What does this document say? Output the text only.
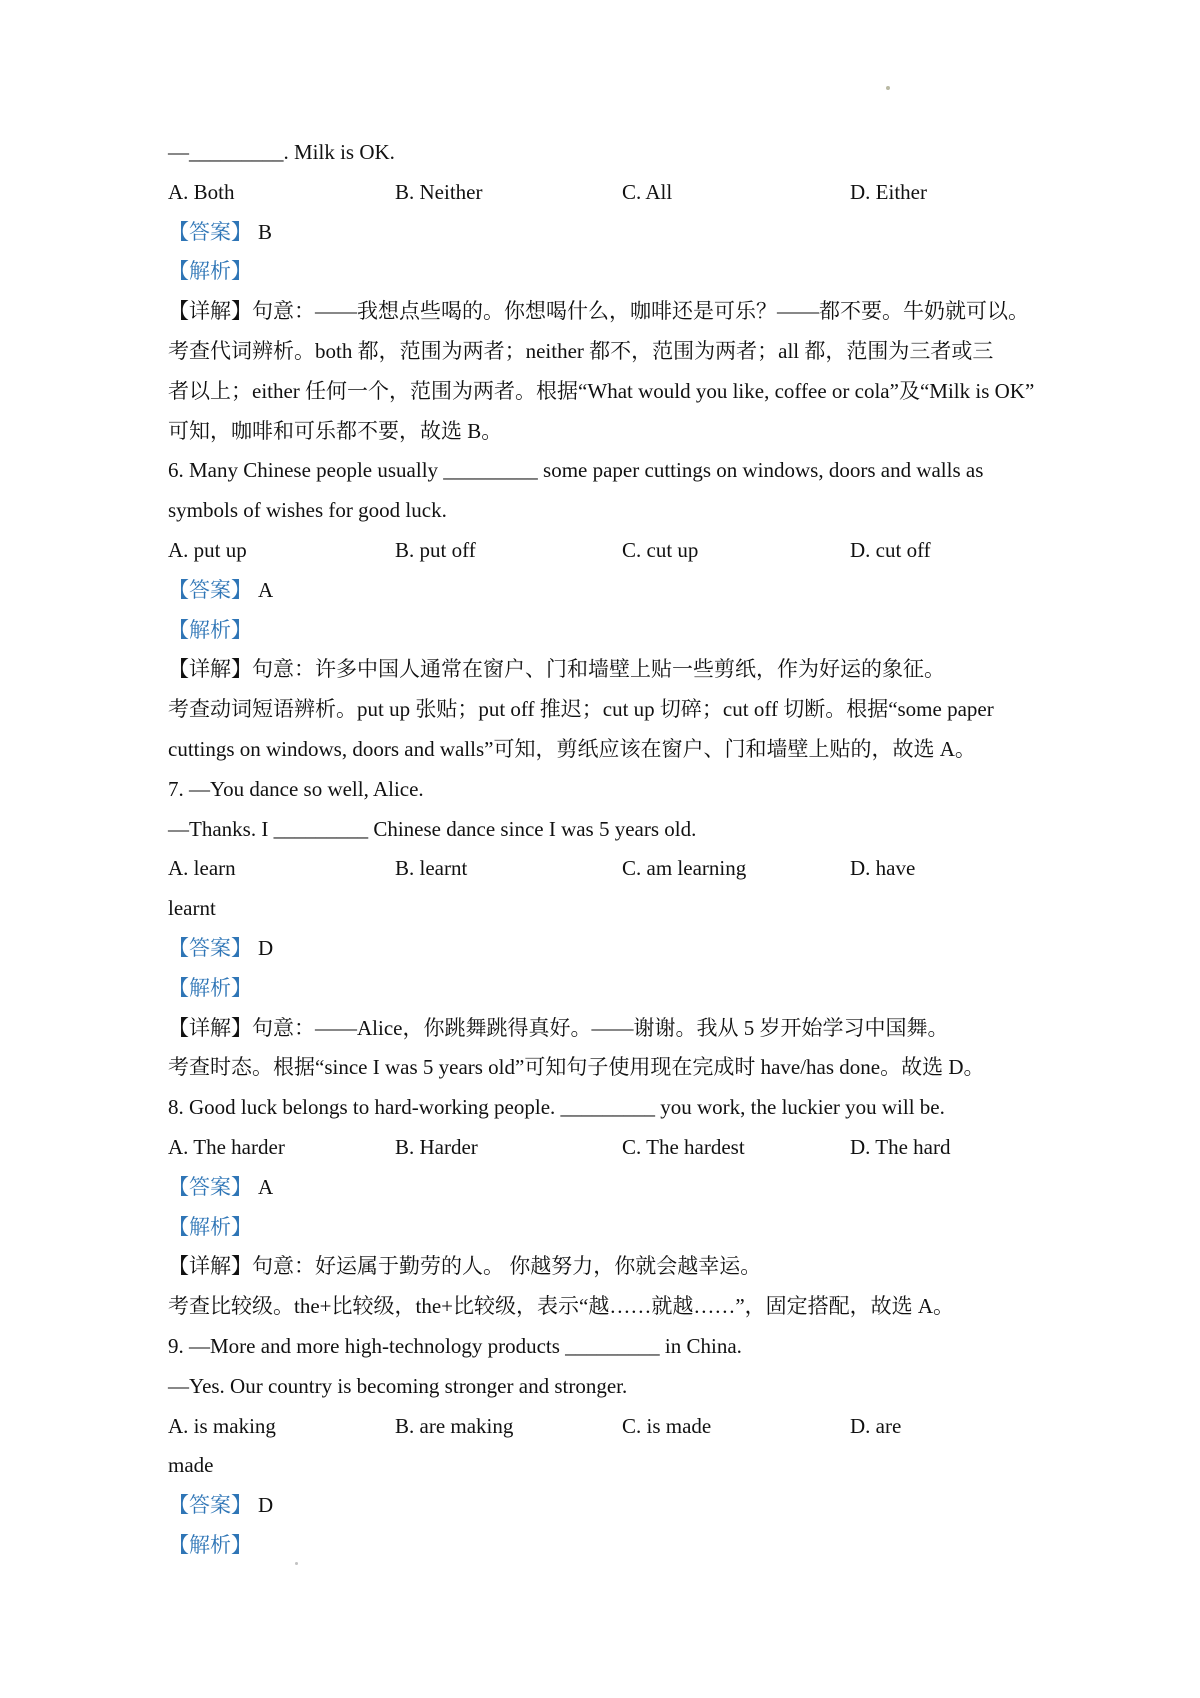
—_________. Milk is OK.
A. Both	B. Neither	C. All	D. Either
【答案】 B
【解析】
【详解】句意：——我想点些喝的。你想喝什么，咖啡还是可乐？——都不要。牛奶就可以。
考查代词辨析。both 都，范围为两者；neither 都不，范围为两者；all 都，范围为三者或三
者以上；either 任何一个，范围为两者。根据“What would you like, coffee or cola”及“Milk is OK”
可知，咖啡和可乐都不要，故选 B。
6. Many Chinese people usually _________ some paper cuttings on windows, doors and walls as
symbols of wishes for good luck.
A. put up	B. put off	C. cut up	D. cut off
【答案】 A
【解析】
【详解】句意：许多中国人通常在窗户、门和墙壁上贴一些剪纸，作为好运的象征。
考查动词短语辨析。put up 张贴；put off 推迟；cut up 切碎；cut off 切断。根据“some paper
cuttings on windows, doors and walls”可知，剪纸应该在窗户、门和墙壁上贴的，故选 A。
7. —You dance so well, Alice.
—Thanks. I _________ Chinese dance since I was 5 years old.
A. learn	B. learnt	C. am learning	D. have
learnt
【答案】 D
【解析】
【详解】句意：——Alice，你跳舞跳得真好。——谢谢。我从 5 岁开始学习中国舞。
考查时态。根据“since I was 5 years old”可知句子使用现在完成时 have/has done。故选 D。
8. Good luck belongs to hard-working people. _________ you work, the luckier you will be.
A. The harder	B. Harder	C. The hardest	D. The hard
【答案】 A
【解析】
【详解】句意：好运属于勤劳的人。 你越努力，你就会越幸运。
考查比较级。the+比较级，the+比较级，表示“越……就越……”，固定搭配，故选 A。
9. —More and more high-technology products _________ in China.
—Yes. Our country is becoming stronger and stronger.
A. is making	B. are making	C. is made	D. are
made
【答案】 D
【解析】
